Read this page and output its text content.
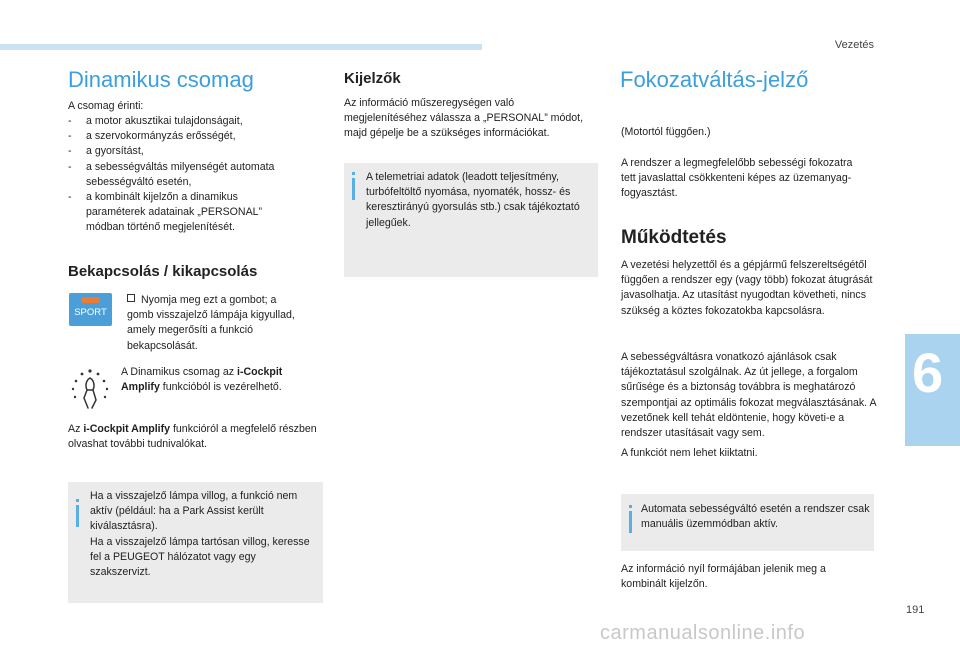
Vezetés
6
Dinamikus csomag

A csomag érinti:

- a motor akusztikai tulajdonságait,
- a szervokormányzás erősségét,
- a gyorsítást,
- a sebességváltás milyenségét automata sebességváltó esetén,
- a kombinált kijelzőn a dinamikus paraméterek adatainak „PERSONAL” módban történő megjelenítését.
Bekapcsolás / kikapcsolás
SPORT

Nyomja meg ezt a gombot; a gomb visszajelző lámpája kigyullad, amely megerősíti a funkció bekapcsolását.

A Dinamikus csomag az i-Cockpit Amplify funkcióból is vezérelhető.

Az i-Cockpit Amplify funkcióról a megfelelő részben olvashat további tudnivalókat.

Ha a visszajelző lámpa villog, a funkció nem aktív (például: ha a Park Assist került kiválasztásra).

Ha a visszajelző lámpa tartósan villog, keresse fel a PEUGEOT hálózatot vagy egy szakszervizt.

Kijelzők

Az információ műszeregységen való megjelenítéséhez válassza a „PERSONAL” módot, majd gépelje be a szükséges információkat.

A telemetriai adatok (leadott teljesítmény, turbófeltöltő nyomása, nyomaték, hossz- és keresztirányú gyorsulás stb.) csak tájékoztató jellegűek.

Fokozatváltás-jelző

(Motortól függően.)

A rendszer a legmegfelelőbb sebességi fokozatra tett javaslattal csökkenteni képes az üzemanyag-fogyasztást.

Működtetés

A vezetési helyzettől és a gépjármű felszereltségétől függően a rendszer egy (vagy több) fokozat átugrását javasolhatja. Az utasítást nyugodtan követheti, nincs szükség a köztes fokozatokba kapcsolásra.

A sebességváltásra vonatkozó ajánlások csak tájékoztatásul szolgálnak. Az út jellege, a forgalom sűrűsége és a biztonság továbbra is meghatározó szempontjai az optimális fokozat megválasztásának. A vezetőnek kell tehát eldöntenie, hogy követi-e a rendszer utasításait vagy sem.

A funkciót nem lehet kiiktatni.

Automata sebességváltó esetén a rendszer csak manuális üzemmódban aktív.

Az információ nyíl formájában jelenik meg a kombinált kijelzőn.

191
carmanualsonline.info
